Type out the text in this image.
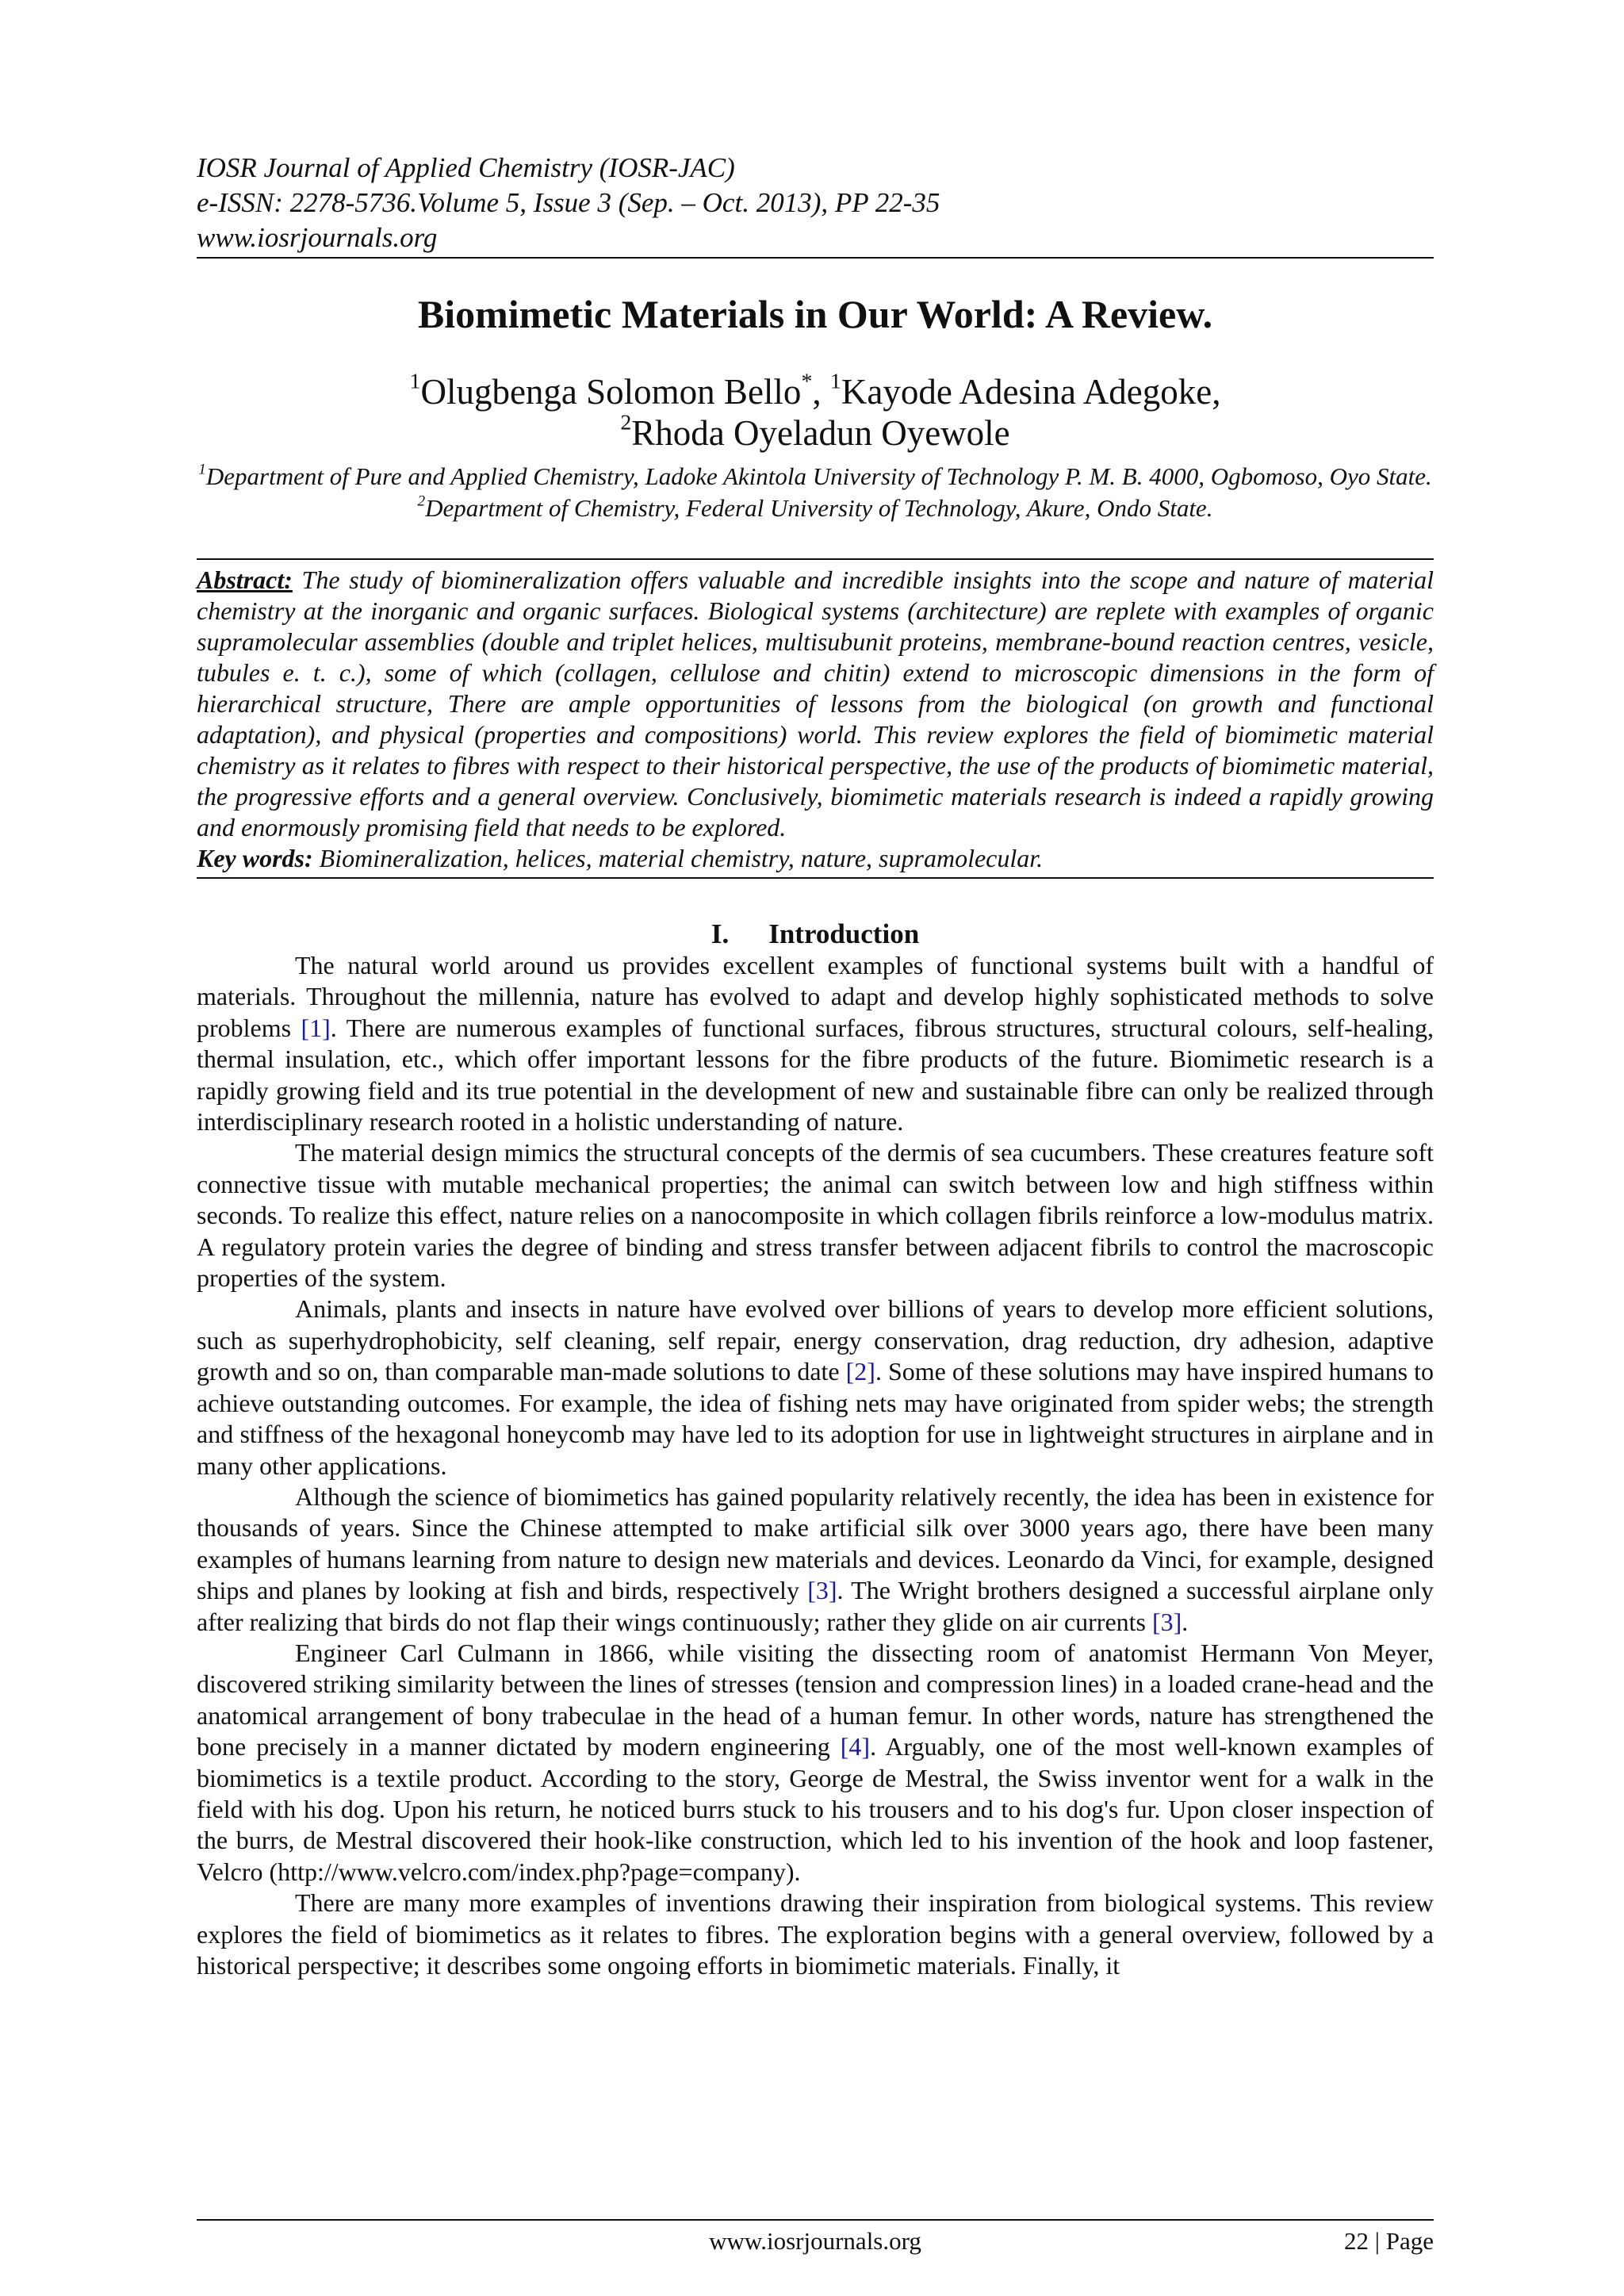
IOSR Journal of Applied Chemistry (IOSR-JAC)
e-ISSN: 2278-5736.Volume 5, Issue 3 (Sep. – Oct. 2013), PP 22-35
www.iosrjournals.org
Biomimetic Materials in Our World: A Review.
$^1$Olugbenga Solomon Bello*, $^1$Kayode Adesina Adegoke,
$^2$Rhoda Oyeladun Oyewole
$^1$Department of Pure and Applied Chemistry, Ladoke Akintola University of Technology P. M. B. 4000, Ogbomoso, Oyo State.
$^2$Department of Chemistry, Federal University of Technology, Akure, Ondo State.
Abstract: The study of biomineralization offers valuable and incredible insights into the scope and nature of material chemistry at the inorganic and organic surfaces. Biological systems (architecture) are replete with examples of organic supramolecular assemblies (double and triplet helices, multisubunit proteins, membrane-bound reaction centres, vesicle, tubules e. t. c.), some of which (collagen, cellulose and chitin) extend to microscopic dimensions in the form of hierarchical structure, There are ample opportunities of lessons from the biological (on growth and functional adaptation), and physical (properties and compositions) world. This review explores the field of biomimetic material chemistry as it relates to fibres with respect to their historical perspective, the use of the products of biomimetic material, the progressive efforts and a general overview. Conclusively, biomimetic materials research is indeed a rapidly growing and enormously promising field that needs to be explored.
Key words: Biomineralization, helices, material chemistry, nature, supramolecular.
I. Introduction

The natural world around us provides excellent examples of functional systems built with a handful of materials. Throughout the millennia, nature has evolved to adapt and develop highly sophisticated methods to solve problems [1]. There are numerous examples of functional surfaces, fibrous structures, structural colours, self-healing, thermal insulation, etc., which offer important lessons for the fibre products of the future. Biomimetic research is a rapidly growing field and its true potential in the development of new and sustainable fibre can only be realized through interdisciplinary research rooted in a holistic understanding of nature.

The material design mimics the structural concepts of the dermis of sea cucumbers. These creatures feature soft connective tissue with mutable mechanical properties; the animal can switch between low and high stiffness within seconds. To realize this effect, nature relies on a nanocomposite in which collagen fibrils reinforce a low-modulus matrix. A regulatory protein varies the degree of binding and stress transfer between adjacent fibrils to control the macroscopic properties of the system.

Animals, plants and insects in nature have evolved over billions of years to develop more efficient solutions, such as superhydrophobicity, self cleaning, self repair, energy conservation, drag reduction, dry adhesion, adaptive growth and so on, than comparable man-made solutions to date [2]. Some of these solutions may have inspired humans to achieve outstanding outcomes. For example, the idea of fishing nets may have originated from spider webs; the strength and stiffness of the hexagonal honeycomb may have led to its adoption for use in lightweight structures in airplane and in many other applications.

Although the science of biomimetics has gained popularity relatively recently, the idea has been in existence for thousands of years. Since the Chinese attempted to make artificial silk over 3000 years ago, there have been many examples of humans learning from nature to design new materials and devices. Leonardo da Vinci, for example, designed ships and planes by looking at fish and birds, respectively [3]. The Wright brothers designed a successful airplane only after realizing that birds do not flap their wings continuously; rather they glide on air currents [3].

Engineer Carl Culmann in 1866, while visiting the dissecting room of anatomist Hermann Von Meyer, discovered striking similarity between the lines of stresses (tension and compression lines) in a loaded crane-head and the anatomical arrangement of bony trabeculae in the head of a human femur. In other words, nature has strengthened the bone precisely in a manner dictated by modern engineering [4]. Arguably, one of the most well-known examples of biomimetics is a textile product. According to the story, George de Mestral, the Swiss inventor went for a walk in the field with his dog. Upon his return, he noticed burrs stuck to his trousers and to his dog's fur. Upon closer inspection of the burrs, de Mestral discovered their hook-like construction, which led to his invention of the hook and loop fastener, Velcro (http://www.velcro.com/index.php?page=company).

There are many more examples of inventions drawing their inspiration from biological systems. This review explores the field of biomimetics as it relates to fibres. The exploration begins with a general overview, followed by a historical perspective; it describes some ongoing efforts in biomimetic materials. Finally, it

www.iosrjournals.org	22 | Page
